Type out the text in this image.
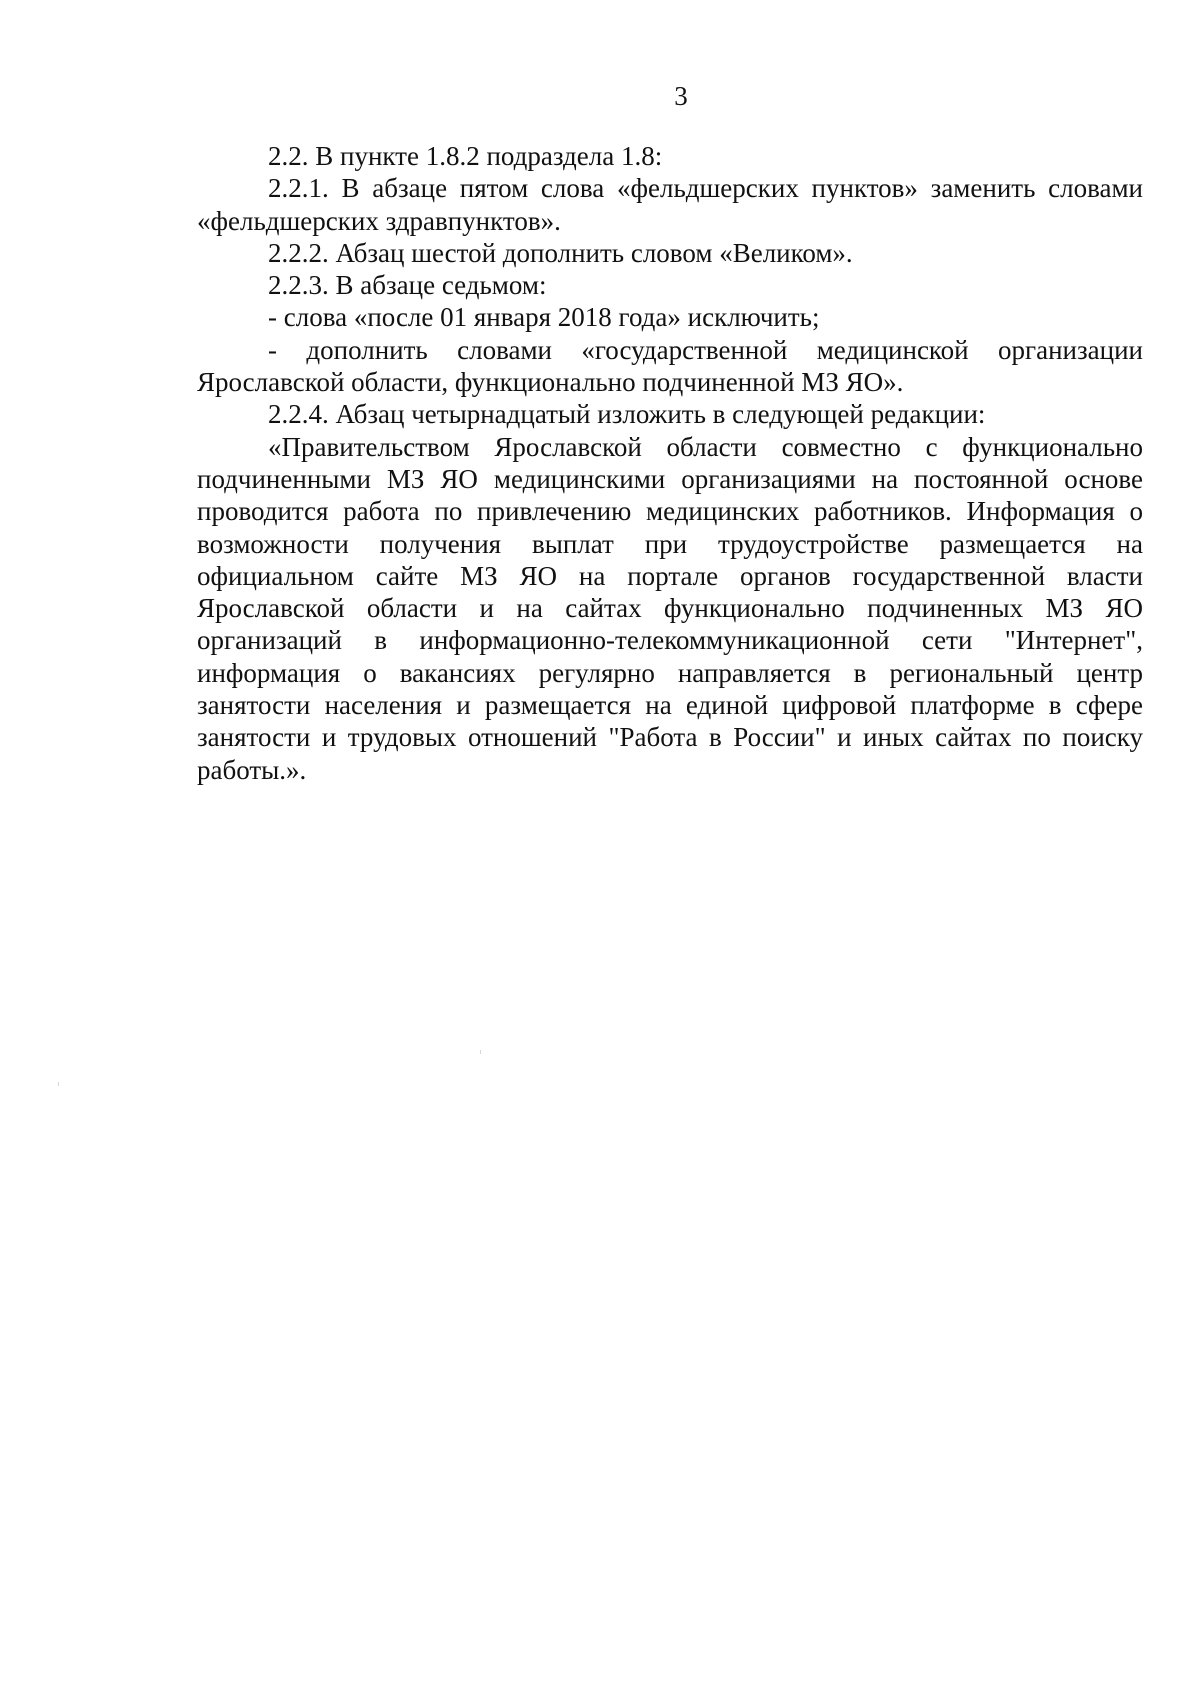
3

2.2. В пункте 1.8.2 подраздела 1.8:

2.2.1. В абзаце пятом слова «фельдшерских пунктов» заменить словами «фельдшерских здравпунктов».

2.2.2. Абзац шестой дополнить словом «Великом».

2.2.3. В абзаце седьмом:

- слова «после 01 января 2018 года» исключить;

- дополнить словами «государственной медицинской организации Ярославской области, функционально подчиненной МЗ ЯО».

2.2.4. Абзац четырнадцатый изложить в следующей редакции:

«Правительством Ярославской области совместно с функционально подчиненными МЗ ЯО медицинскими организациями на постоянной основе проводится работа по привлечению медицинских работников. Информация о возможности получения выплат при трудоустройстве размещается на официальном сайте МЗ ЯО на портале органов государственной власти Ярославской области и на сайтах функционально подчиненных МЗ ЯО организаций в информационно-телекоммуникационной сети "Интернет", информация о вакансиях регулярно направляется в региональный центр занятости населения и размещается на единой цифровой платформе в сфере занятости и трудовых отношений "Работа в России" и иных сайтах по поиску работы.».
